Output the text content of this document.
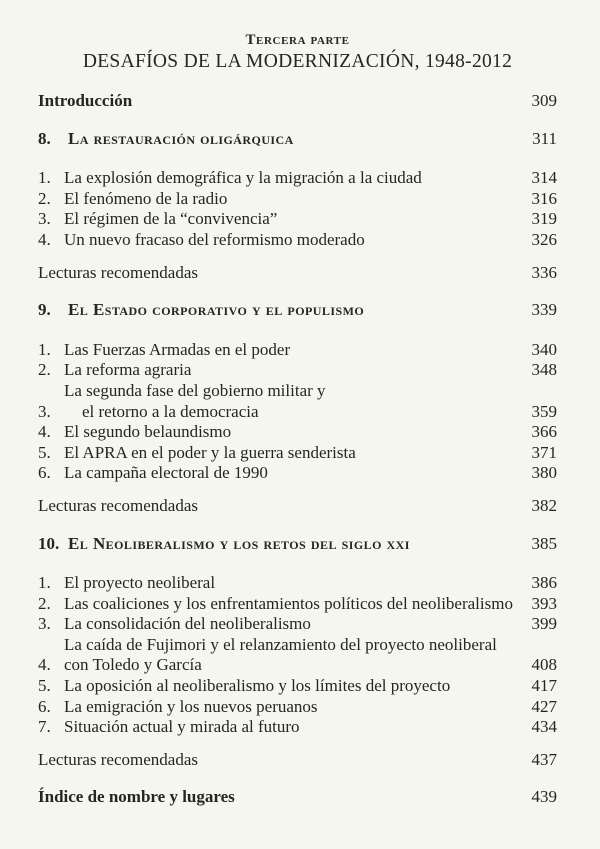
Tercera parte
DESAFÍOS DE LA MODERNIZACIÓN, 1948-2012
Introducción	309
8.	La restauración oligárquica	311
1. La explosión demográfica y la migración a la ciudad	314
2. El fenómeno de la radio	316
3. El régimen de la “convivencia”	319
4. Un nuevo fracaso del reformismo moderado	326
Lecturas recomendadas	336
9.	El Estado corporativo y el populismo	339
1. Las Fuerzas Armadas en el poder	340
2. La reforma agraria	348
3.
La segunda fase del gobierno militar y
el retorno a la democracia	359
4. El segundo belaundismo	366
5. El APRA en el poder y la guerra senderista	371
6. La campaña electoral de 1990	380
Lecturas recomendadas	382
10. El Neoliberalismo y los retos del siglo xxi	385
1. El proyecto neoliberal	386
2. Las coaliciones y los enfrentamientos políticos del neoliberalismo	393
3. La consolidación del neoliberalismo	399
4.
La caída de Fujimori y el relanzamiento del proyecto neoliberal
con Toledo y García	408
5. La oposición al neoliberalismo y los límites del proyecto	417
6. La emigración y los nuevos peruanos	427
7. Situación actual y mirada al futuro	434
Lecturas recomendadas	437
Índice de nombre y lugares	439
